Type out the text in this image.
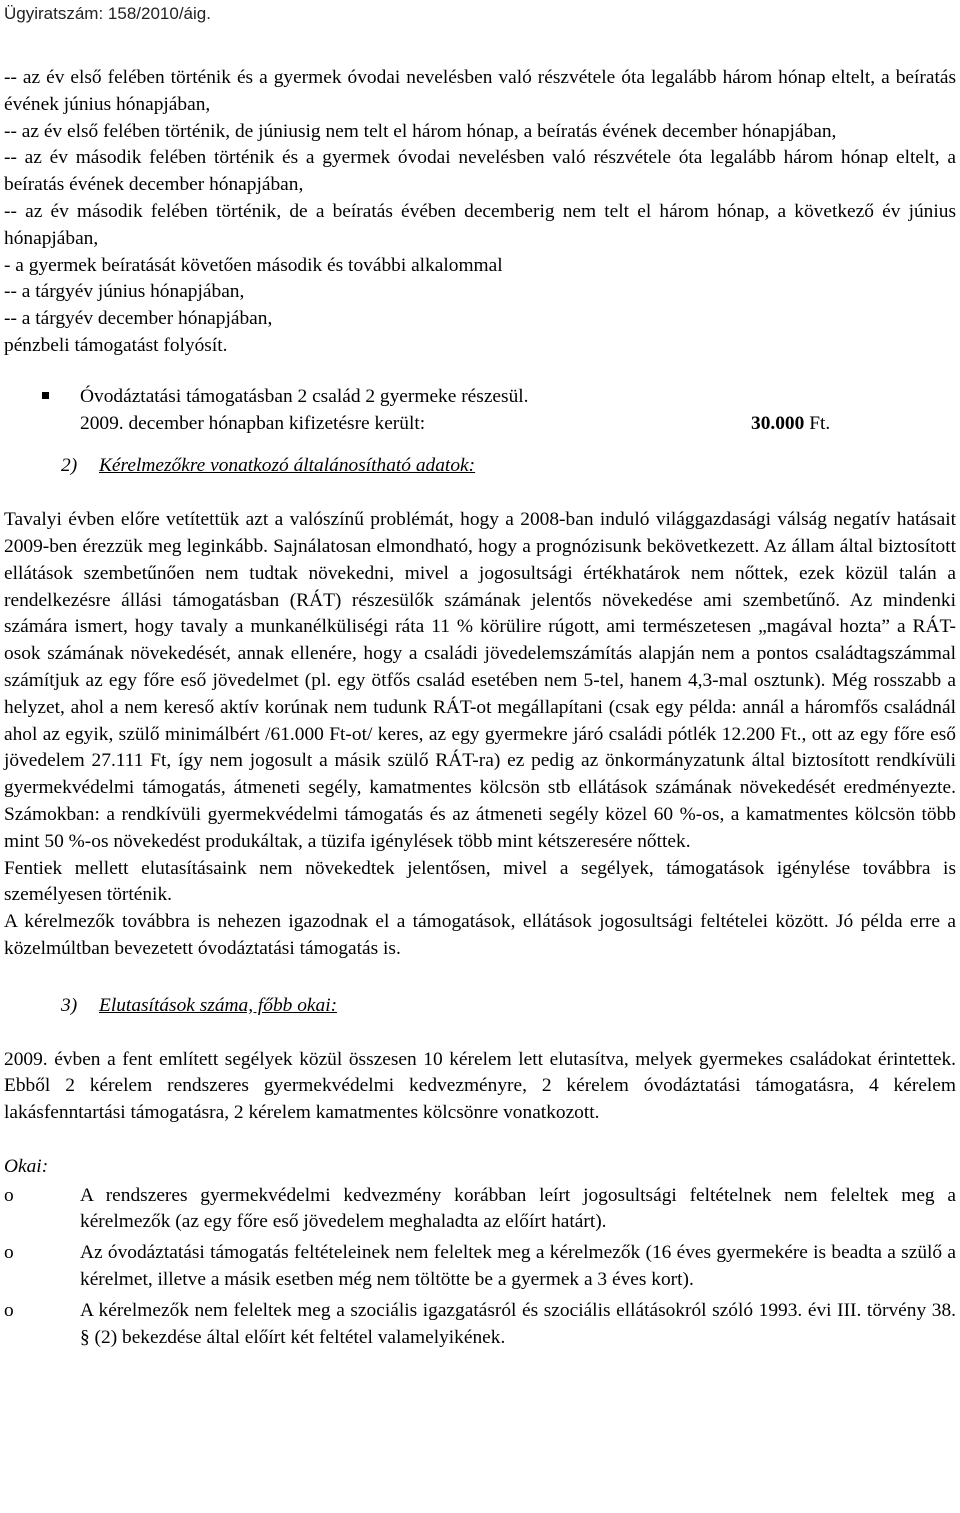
Ügyiratszám: 158/2010/áig.

-- az év első felében történik és a gyermek óvodai nevelésben való részvétele óta legalább három hónap eltelt, a beíratás évének június hónapjában,

-- az év első felében történik, de júniusig nem telt el három hónap, a beíratás évének december hónapjában,

-- az év második felében történik és a gyermek óvodai nevelésben való részvétele óta legalább három hónap eltelt, a beíratás évének december hónapjában,

-- az év második felében történik, de a beíratás évében decemberig nem telt el három hónap, a következő év június hónapjában,

- a gyermek beíratását követően második és további alkalommal

-- a tárgyév június hónapjában,

-- a tárgyév december hónapjában,

pénzbeli támogatást folyósít.

Óvodáztatási támogatásban 2 család 2 gyermeke részesül.
2009. december hónapban kifizetésre került:	30.000 Ft.
2) Kérelmezőkre vonatkozó általánosítható adatok:

Tavalyi évben előre vetítettük azt a valószínű problémát, hogy a 2008-ban induló világgazdasági válság negatív hatásait 2009-ben érezzük meg leginkább. Sajnálatosan elmondható, hogy a prognózisunk bekövetkezett. Az állam által biztosított ellátások szembetűnően nem tudtak növekedni, mivel a jogosultsági értékhatárok nem nőttek, ezek közül talán a rendelkezésre állási támogatásban (RÁT) részesülők számának jelentős növekedése ami szembetűnő. Az mindenki számára ismert, hogy tavaly a munkanélküliségi ráta 11 % körülire rúgott, ami természetesen „magával hozta” a RÁT-osok számának növekedését, annak ellenére, hogy a családi jövedelemszámítás alapján nem a pontos családtagszámmal számítjuk az egy főre eső jövedelmet (pl. egy ötfős család esetében nem 5-tel, hanem 4,3-mal osztunk). Még rosszabb a helyzet, ahol a nem kereső aktív korúnak nem tudunk RÁT-ot megállapítani (csak egy példa: annál a háromfős családnál ahol az egyik, szülő minimálbért /61.000 Ft-ot/ keres, az egy gyermekre járó családi pótlék 12.200 Ft., ott az egy főre eső jövedelem 27.111 Ft, így nem jogosult a másik szülő RÁT-ra) ez pedig az önkormányzatunk által biztosított rendkívüli gyermekvédelmi támogatás, átmeneti segély, kamatmentes kölcsön stb ellátások számának növekedését eredményezte. Számokban: a rendkívüli gyermekvédelmi támogatás és az átmeneti segély közel 60 %-os, a kamatmentes kölcsön több mint 50 %-os növekedést produkáltak, a tüzifa igénylések több mint kétszeresére nőttek.

Fentiek mellett elutasításaink nem növekedtek jelentősen, mivel a segélyek, támogatások igénylése továbbra is személyesen történik.

A kérelmezők továbbra is nehezen igazodnak el a támogatások, ellátások jogosultsági feltételei között. Jó példa erre a közelmúltban bevezetett óvodáztatási támogatás is.

3) Elutasítások száma, főbb okai:

2009. évben a fent említett segélyek közül összesen 10 kérelem lett elutasítva, melyek gyermekes családokat érintettek. Ebből 2 kérelem rendszeres gyermekvédelmi kedvezményre, 2 kérelem óvodáztatási támogatásra, 4 kérelem lakásfenntartási támogatásra, 2 kérelem kamatmentes kölcsönre vonatkozott.

Okai:
o	A rendszeres gyermekvédelmi kedvezmény korábban leírt jogosultsági feltételnek nem feleltek meg a kérelmezők (az egy főre eső jövedelem meghaladta az előírt határt).
o	Az óvodáztatási támogatás feltételeinek nem feleltek meg a kérelmezők (16 éves gyermekére is beadta a szülő a kérelmet, illetve a másik esetben még nem töltötte be a gyermek a 3 éves kort).
o	A kérelmezők nem feleltek meg a szociális igazgatásról és szociális ellátásokról szóló 1993. évi III. törvény 38. § (2) bekezdése által előírt két feltétel valamelyikének.
